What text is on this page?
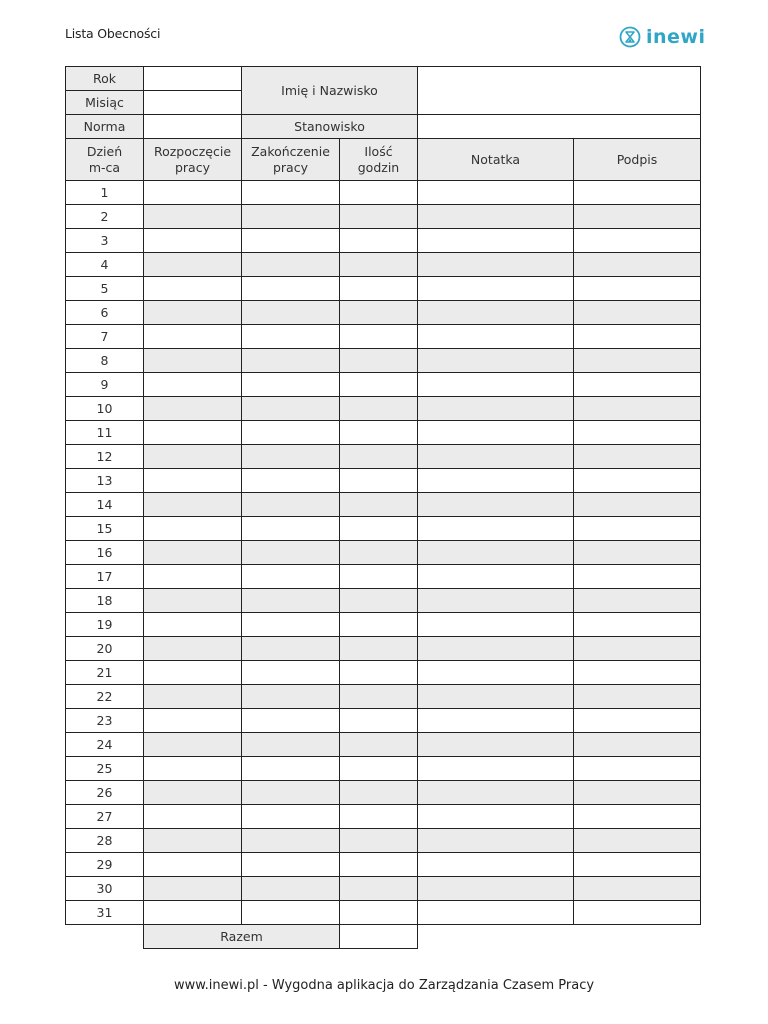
Lista Obecności	inewi
Rok		Imię i Nazwisko			
Misiąc					
Norma		Stanowisko			
Dzień m-ca	Rozpoczęcie pracy	Zakończenie pracy	Ilość godzin	Notatka	Podpis
1					
2					
3					
4					
5					
6					
7					
8					
9					
10					
11					
12					
13					
14					
15					
16					
17					
18					
19					
20					
21					
22					
23					
24					
25					
26					
27					
28					
29					
30					
31					
	Razem				
www.inewi.pl - Wygodna aplikacja do Zarządzania Czasem Pracy
